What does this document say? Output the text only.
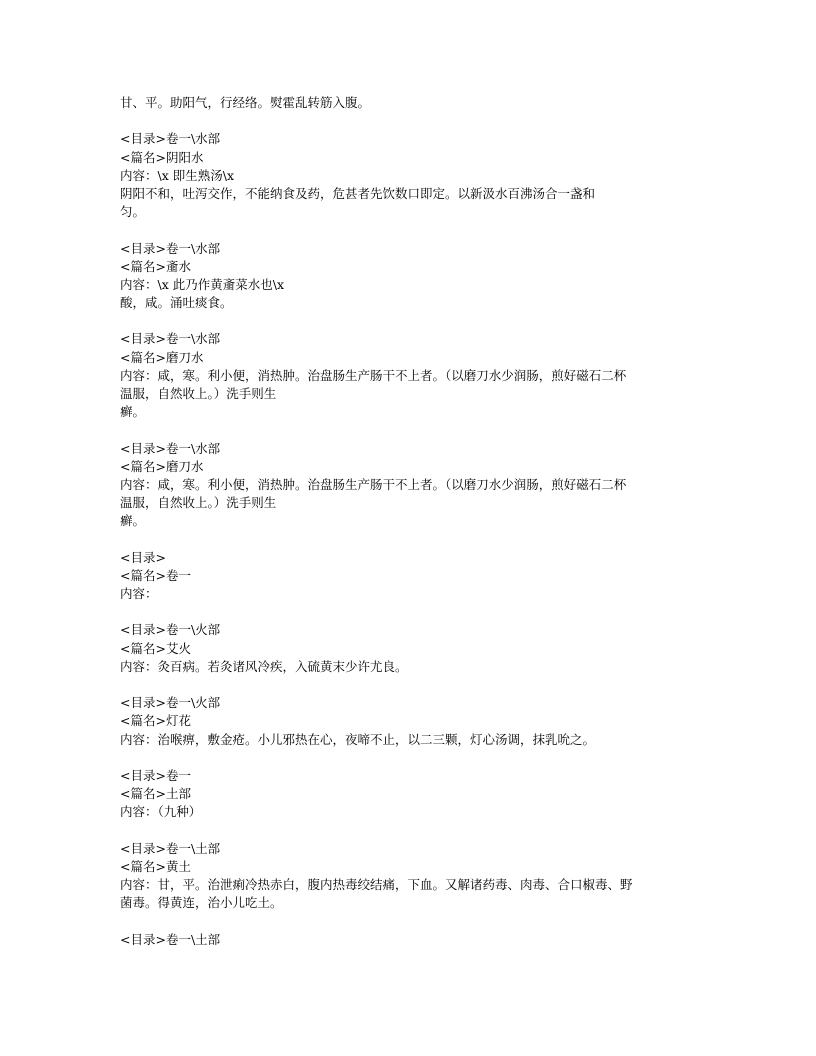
甘、平。助阳气，行经络。熨霍乱转筋入腹。
<目录>卷一\水部
<篇名>阴阳水
内容：\x 即生熟汤\x
阴阳不和，吐泻交作，不能纳食及药，危甚者先饮数口即定。以新汲水百沸汤合一盏和
匀。
<目录>卷一\水部
<篇名>齑水
内容：\x 此乃作黄齑菜水也\x
酸，咸。涌吐痰食。
<目录>卷一\水部
<篇名>磨刀水
内容：咸，寒。利小便，消热肿。治盘肠生产肠干不上者。（以磨刀水少润肠，煎好磁石二杯
温服，自然收上。）洗手则生
癣。
<目录>卷一\水部
<篇名>磨刀水
内容：咸，寒。利小便，消热肿。治盘肠生产肠干不上者。（以磨刀水少润肠，煎好磁石二杯
温服，自然收上。）洗手则生
癣。
<目录>
<篇名>卷一
内容：
<目录>卷一\火部
<篇名>艾火
内容：灸百病。若灸诸风冷疾，入硫黄末少许尤良。
<目录>卷一\火部
<篇名>灯花
内容：治喉痹，敷金疮。小儿邪热在心，夜啼不止，以二三颗，灯心汤调，抹乳吮之。
<目录>卷一
<篇名>土部
内容：（九种）
<目录>卷一\土部
<篇名>黄土
内容：甘，平。治泄痢冷热赤白，腹内热毒绞结痛，下血。又解诸药毒、肉毒、合口椒毒、野
菌毒。得黄连，治小儿吃土。
<目录>卷一\土部
